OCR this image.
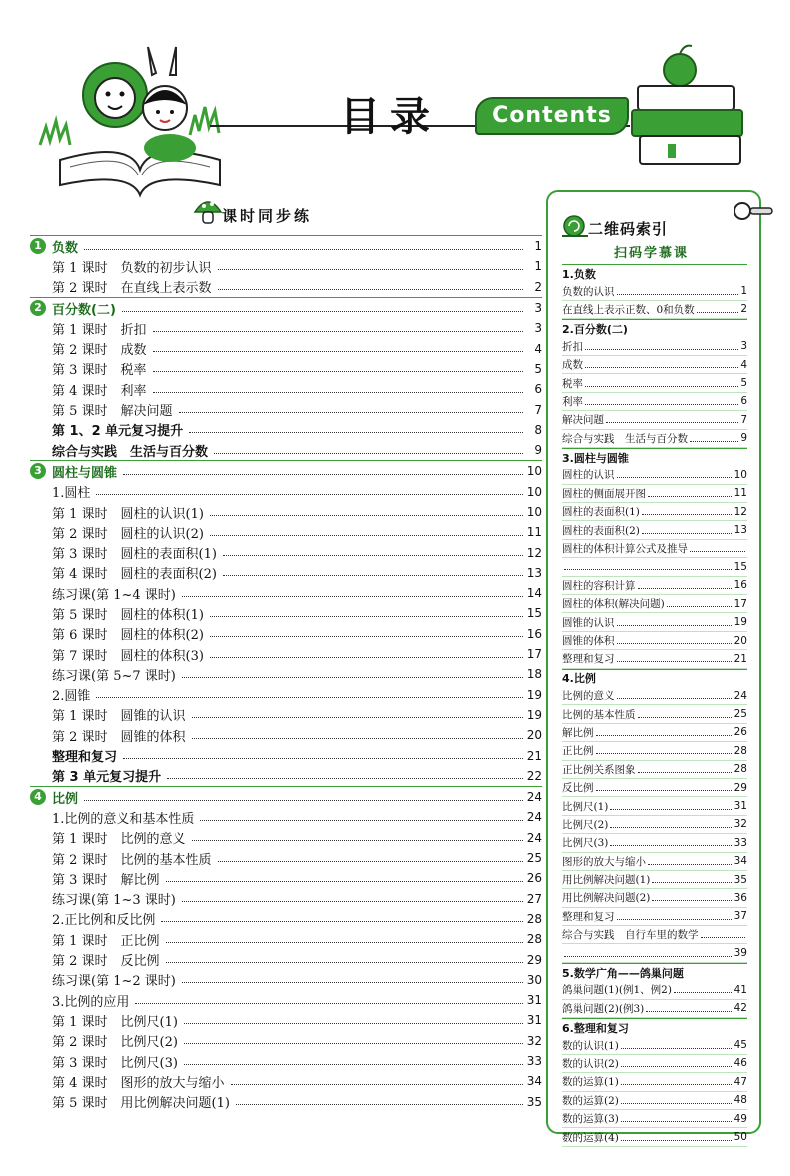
目录	Contents
课时同步练
1 负数	1
第 1 课时　负数的初步认识	1
第 2 课时　在直线上表示数	2
2 百分数(二)	3
第 1 课时　折扣	3
第 2 课时　成数	4
第 3 课时　税率	5
第 4 课时　利率	6
第 5 课时　解决问题	7
第 1、2 单元复习提升	8
综合与实践　生活与百分数	9
3 圆柱与圆锥	10
1.圆柱	10
第 1 课时　圆柱的认识(1)	10
第 2 课时　圆柱的认识(2)	11
第 3 课时　圆柱的表面积(1)	12
第 4 课时　圆柱的表面积(2)	13
练习课(第 1~4 课时)	14
第 5 课时　圆柱的体积(1)	15
第 6 课时　圆柱的体积(2)	16
第 7 课时　圆柱的体积(3)	17
练习课(第 5~7 课时)	18
2.圆锥	19
第 1 课时　圆锥的认识	19
第 2 课时　圆锥的体积	20
整理和复习	21
第 3 单元复习提升	22
4 比例	24
1.比例的意义和基本性质	24
第 1 课时　比例的意义	24
第 2 课时　比例的基本性质	25
第 3 课时　解比例	26
练习课(第 1~3 课时)	27
2.正比例和反比例	28
第 1 课时　正比例	28
第 2 课时　反比例	29
练习课(第 1~2 课时)	30
3.比例的应用	31
第 1 课时　比例尺(1)	31
第 2 课时　比例尺(2)	32
第 3 课时　比例尺(3)	33
第 4 课时　图形的放大与缩小	34
第 5 课时　用比例解决问题(1)	35
二维码索引
扫码学慕课
1.负数
负数的认识	1
在直线上表示正数、0和负数	2
2.百分数(二)
折扣	3
成数	4
税率	5
利率	6
解决问题	7
综合与实践　生活与百分数	9
3.圆柱与圆锥
圆柱的认识	10
圆柱的侧面展开图	11
圆柱的表面积(1)	12
圆柱的表面积(2)	13
圆柱的体积计算公式及推导
15
圆柱的容积计算	16
圆柱的体积(解决问题)	17
圆锥的认识	19
圆锥的体积	20
整理和复习	21
4.比例
比例的意义	24
比例的基本性质	25
解比例	26
正比例	28
正比例关系图象	28
反比例	29
比例尺(1)	31
比例尺(2)	32
比例尺(3)	33
图形的放大与缩小	34
用比例解决问题(1)	35
用比例解决问题(2)	36
整理和复习	37
综合与实践　自行车里的数学
39
5.数学广角——鸽巢问题
鸽巢问题(1)(例1、例2)	41
鸽巢问题(2)(例3)	42
6.整理和复习
数的认识(1)	45
数的认识(2)	46
数的运算(1)	47
数的运算(2)	48
数的运算(3)	49
数的运算(4)	50
